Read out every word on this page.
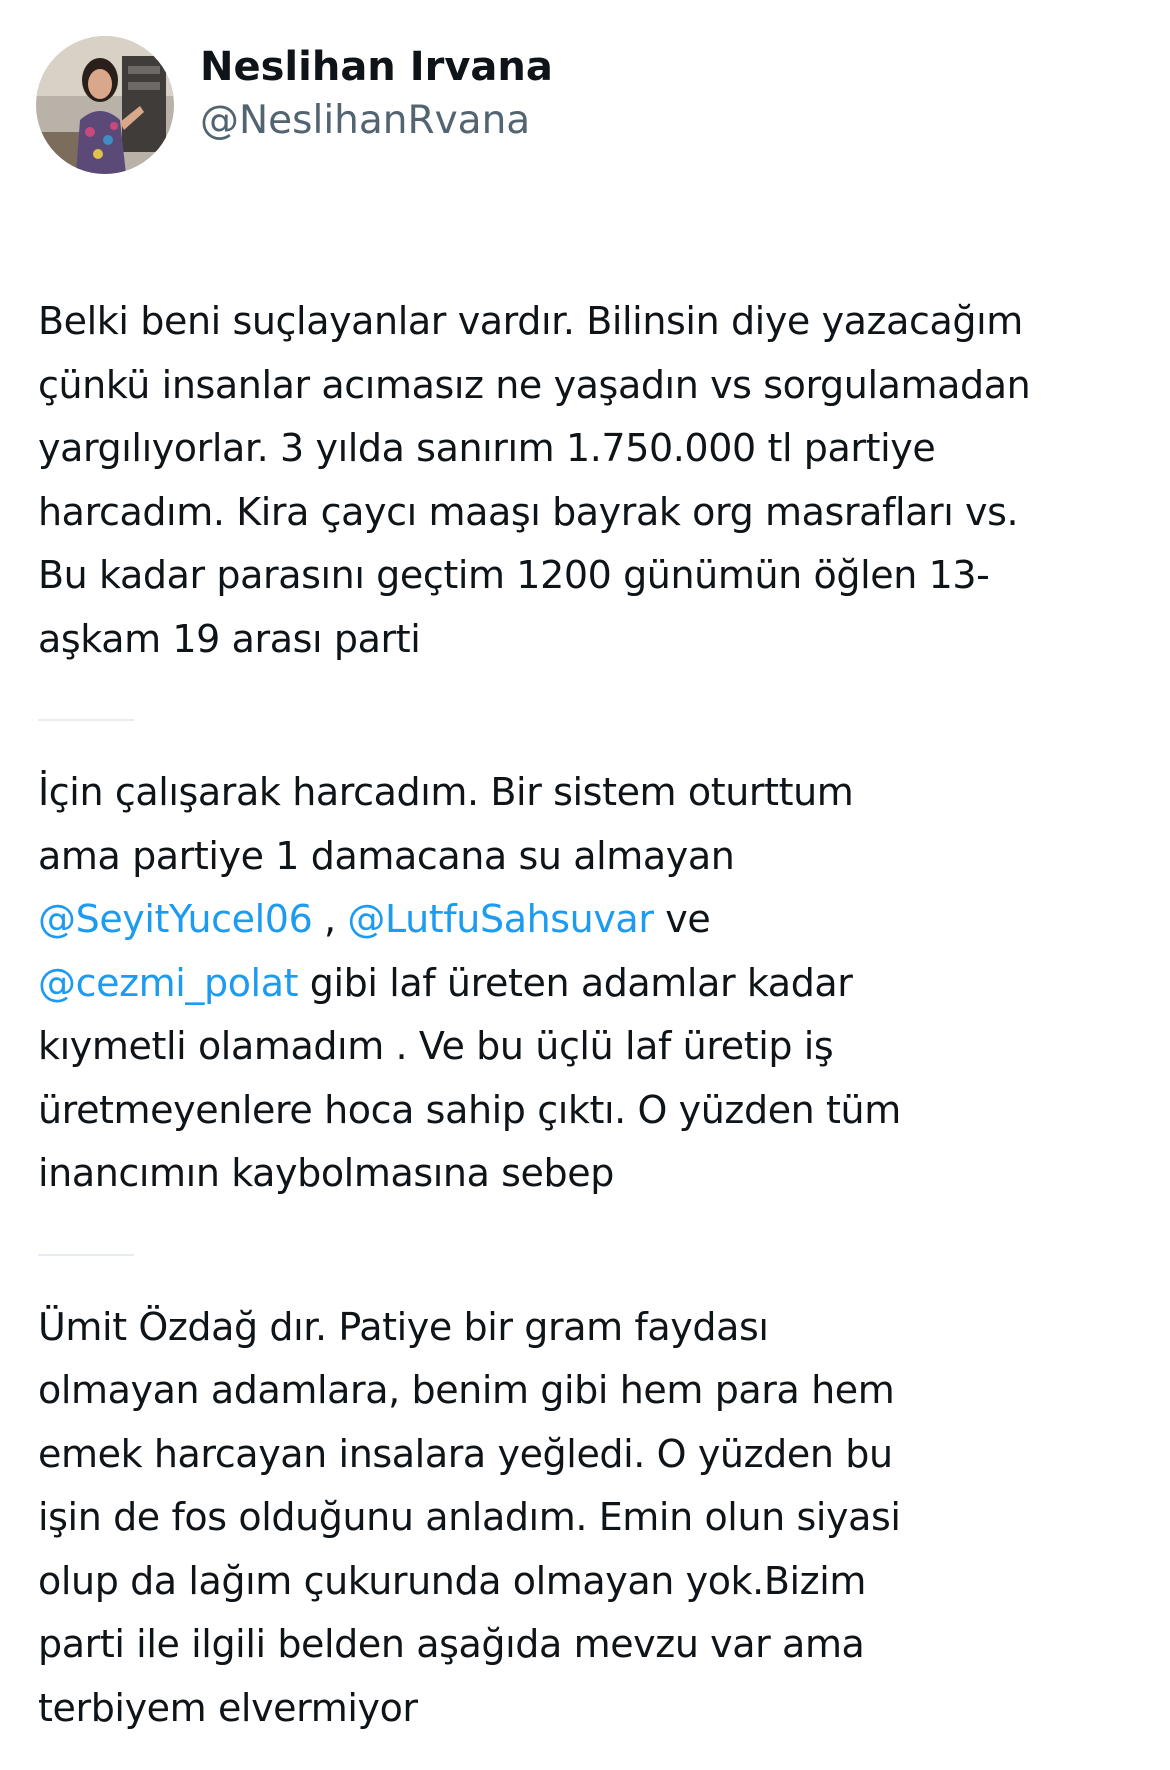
Neslihan Irvana
@NeslihanRvana

Belki beni suçlayanlar vardır. Bilinsin diye yazacağım
çünkü insanlar acımasız ne yaşadın vs sorgulamadan
yargılıyorlar. 3 yılda sanırım 1.750.000 tl partiye
harcadım. Kira çaycı maaşı bayrak org masrafları vs.
Bu kadar parasını geçtim 1200 günümün öğlen 13-
aşkam 19 arası parti

İçin çalışarak harcadım. Bir sistem oturttum
ama partiye 1 damacana su almayan
@SeyitYucel06 , @LutfuSahsuvar ve
@cezmi_polat gibi laf üreten adamlar kadar
kıymetli olamadım . Ve bu üçlü laf üretip iş
üretmeyenlere hoca sahip çıktı. O yüzden tüm
inancımın kaybolmasına sebep

Ümit Özdağ dır. Patiye bir gram faydası
olmayan adamlara, benim gibi hem para hem
emek harcayan insalara yeğledi. O yüzden bu
işin de fos olduğunu anladım. Emin olun siyasi
olup da lağım çukurunda olmayan yok.Bizim
parti ile ilgili belden aşağıda mevzu var ama
terbiyem elvermiyor
